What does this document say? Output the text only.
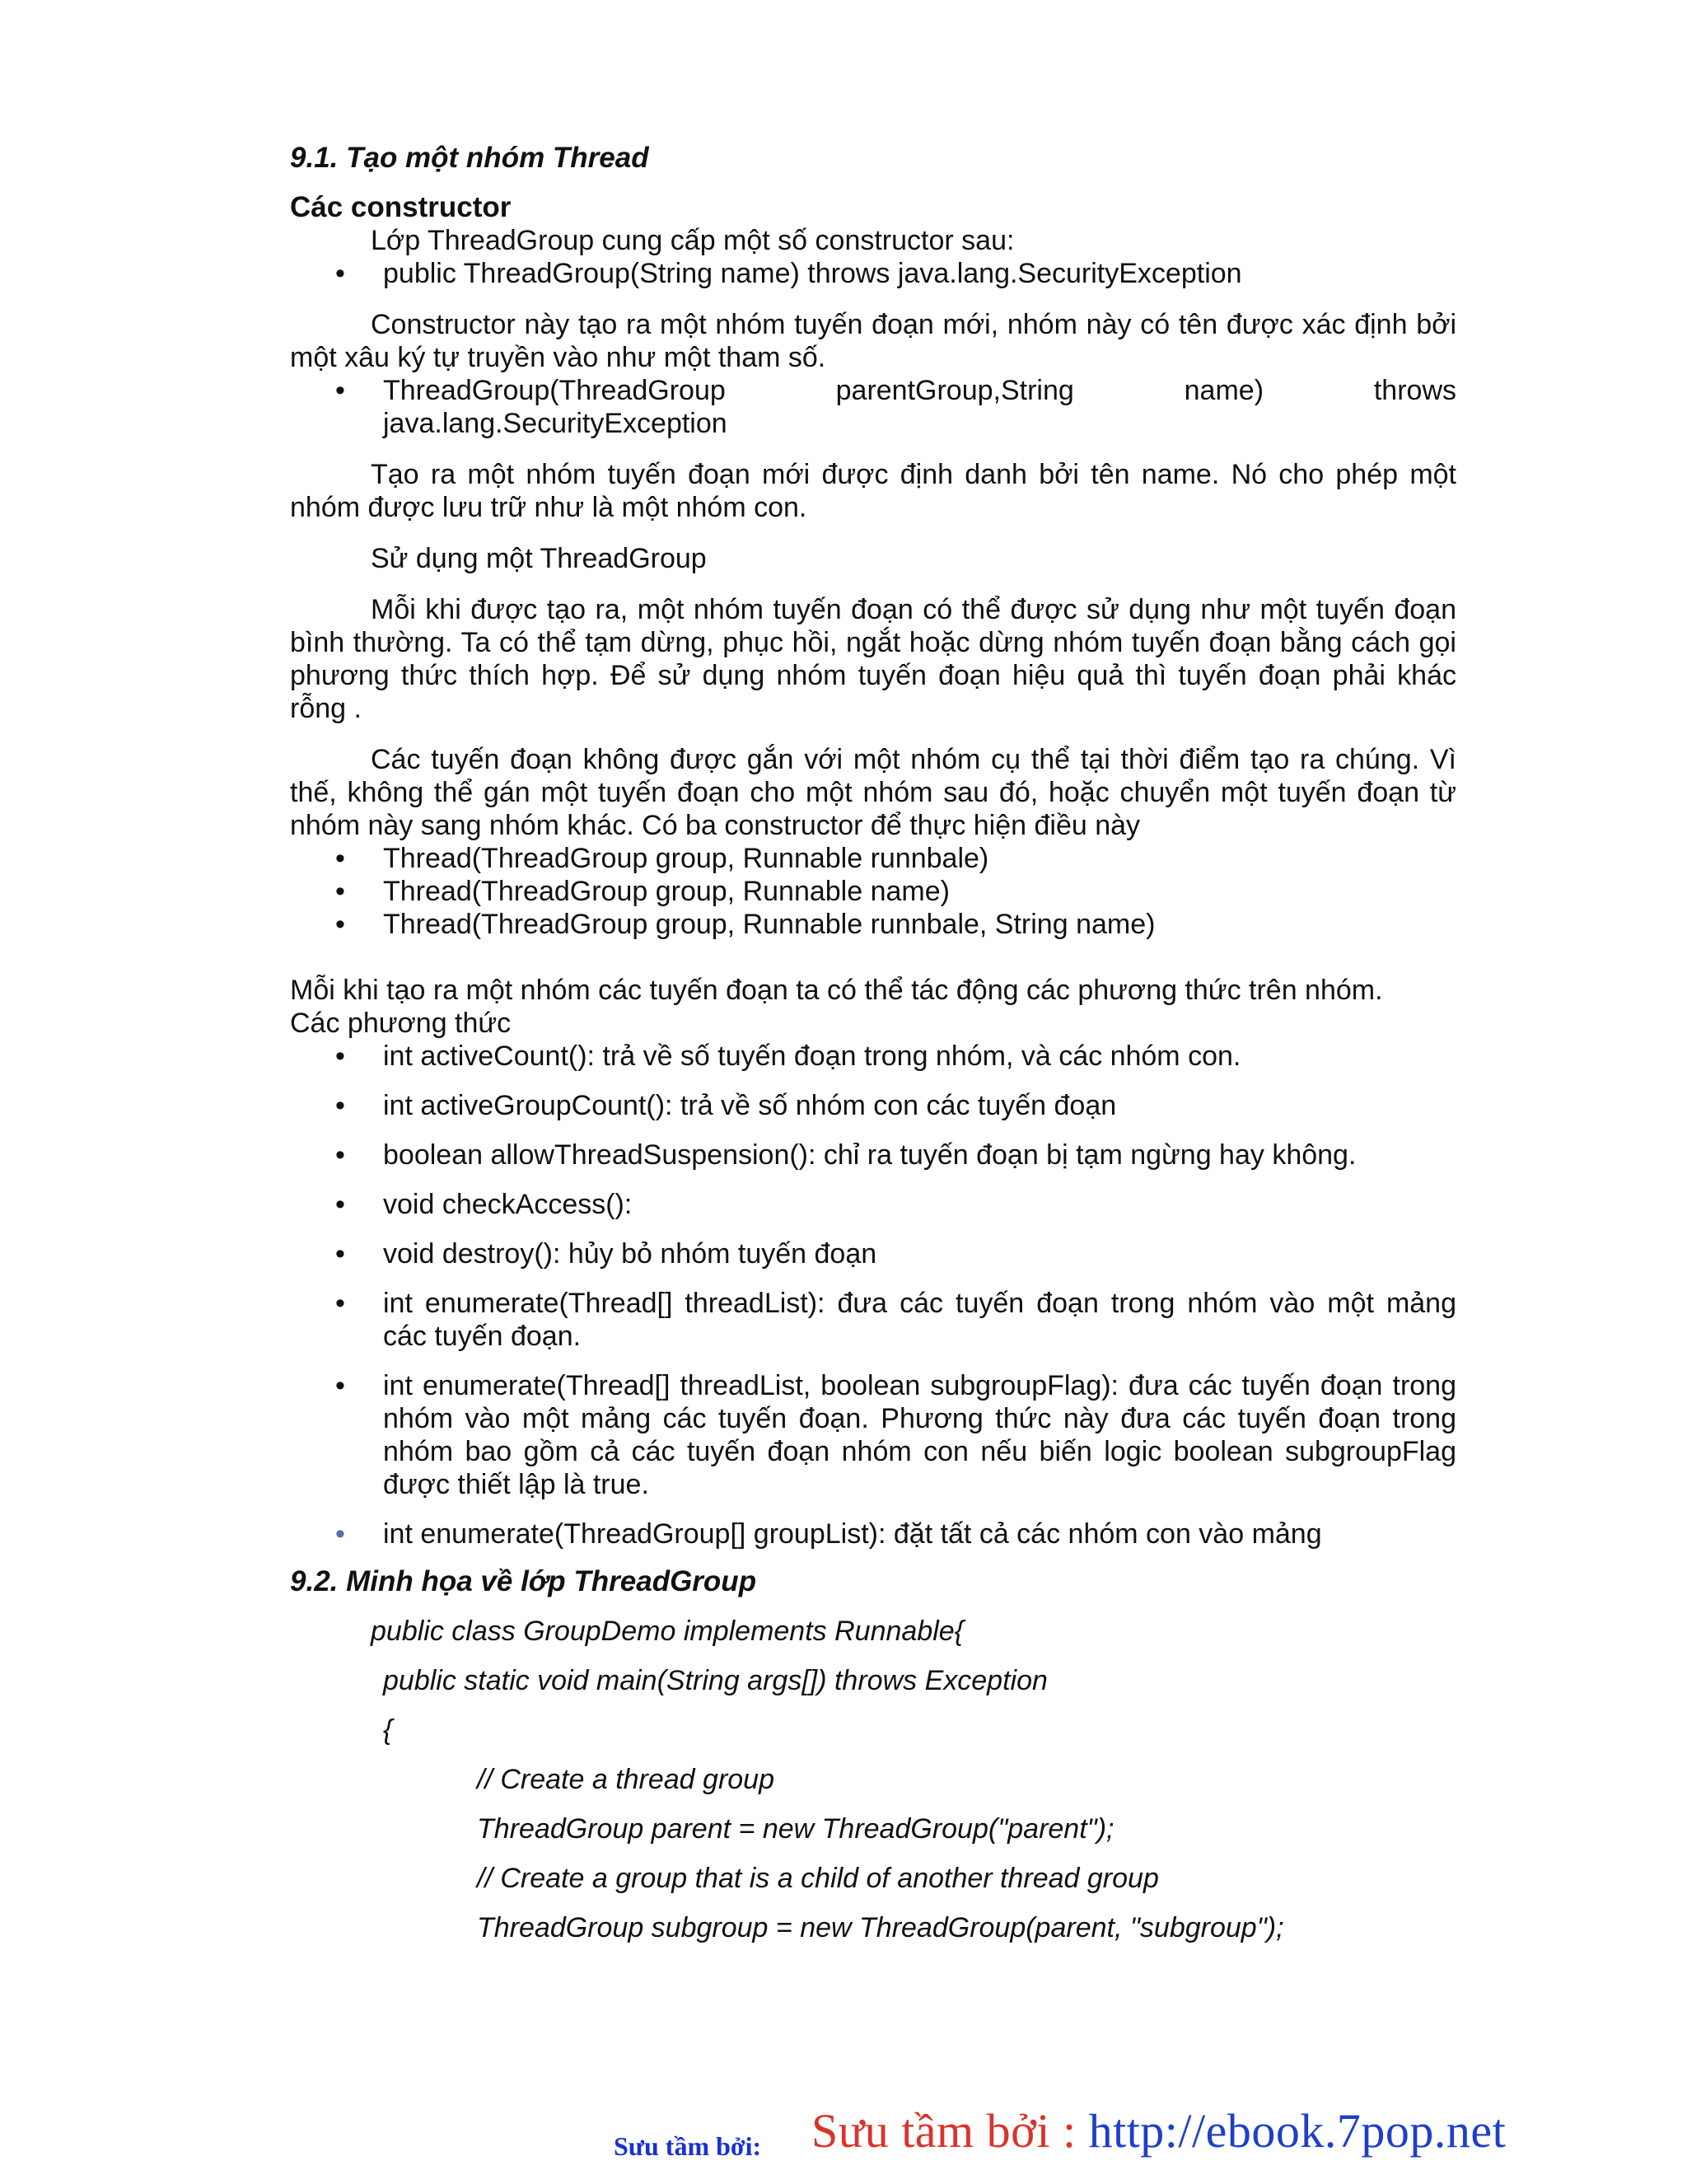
9.1. Tạo một nhóm Thread
Các constructor

Lớp ThreadGroup cung cấp một số constructor sau:

• public ThreadGroup(String name) throws java.lang.SecurityException

Constructor này tạo ra một nhóm tuyến đoạn mới, nhóm này có tên được xác định bởi một xâu ký tự truyền vào như một tham số.

• ThreadGroup(ThreadGroup	parentGroup,String	name)	throws
java.lang.SecurityException

Tạo ra một nhóm tuyến đoạn mới được định danh bởi tên name. Nó cho phép một nhóm được lưu trữ như là một nhóm con.

Sử dụng một ThreadGroup

Mỗi khi được tạo ra, một nhóm tuyến đoạn có thể được sử dụng như một tuyến đoạn bình thường. Ta có thể tạm dừng, phục hồi, ngắt hoặc dừng nhóm tuyến đoạn bằng cách gọi phương thức thích hợp. Để sử dụng nhóm tuyến đoạn hiệu quả thì tuyến đoạn phải khác rỗng .

Các tuyến đoạn không được gắn với một nhóm cụ thể tại thời điểm tạo ra chúng. Vì thế, không thể gán một tuyến đoạn cho một nhóm sau đó, hoặc chuyển một tuyến đoạn từ nhóm này sang nhóm khác. Có ba constructor để thực hiện điều này

• Thread(ThreadGroup group, Runnable runnbale)
• Thread(ThreadGroup group, Runnable name)
• Thread(ThreadGroup group, Runnable runnbale, String name)

Mỗi khi tạo ra một nhóm các tuyến đoạn ta có thể tác động các phương thức trên nhóm.

Các phương thức

• int activeCount(): trả về số tuyến đoạn trong nhóm, và các nhóm con.
• int activeGroupCount(): trả về số nhóm con các tuyến đoạn
• boolean allowThreadSuspension(): chỉ ra tuyến đoạn bị tạm ngừng hay không.
• void checkAccess():
• void destroy(): hủy bỏ nhóm tuyến đoạn
• int enumerate(Thread[] threadList): đưa các tuyến đoạn trong nhóm vào một mảng các tuyến đoạn.
• int enumerate(Thread[] threadList, boolean subgroupFlag): đưa các tuyến đoạn trong nhóm vào một mảng các tuyến đoạn. Phương thức này đưa các tuyến đoạn trong nhóm bao gồm cả các tuyến đoạn nhóm con nếu biến logic boolean subgroupFlag được thiết lập là true.
• int enumerate(ThreadGroup[] groupList): đặt tất cả các nhóm con vào mảng
9.2. Minh họa về lớp ThreadGroup
public class GroupDemo implements Runnable{
public static void main(String args[]) throws Exception
{
// Create a thread group
ThreadGroup parent = new ThreadGroup("parent");
// Create a group that is a child of another thread group
ThreadGroup subgroup = new ThreadGroup(parent, "subgroup");
Sưu tầm bởi: Sưu tầm bởi : http://ebook.7pop.net
